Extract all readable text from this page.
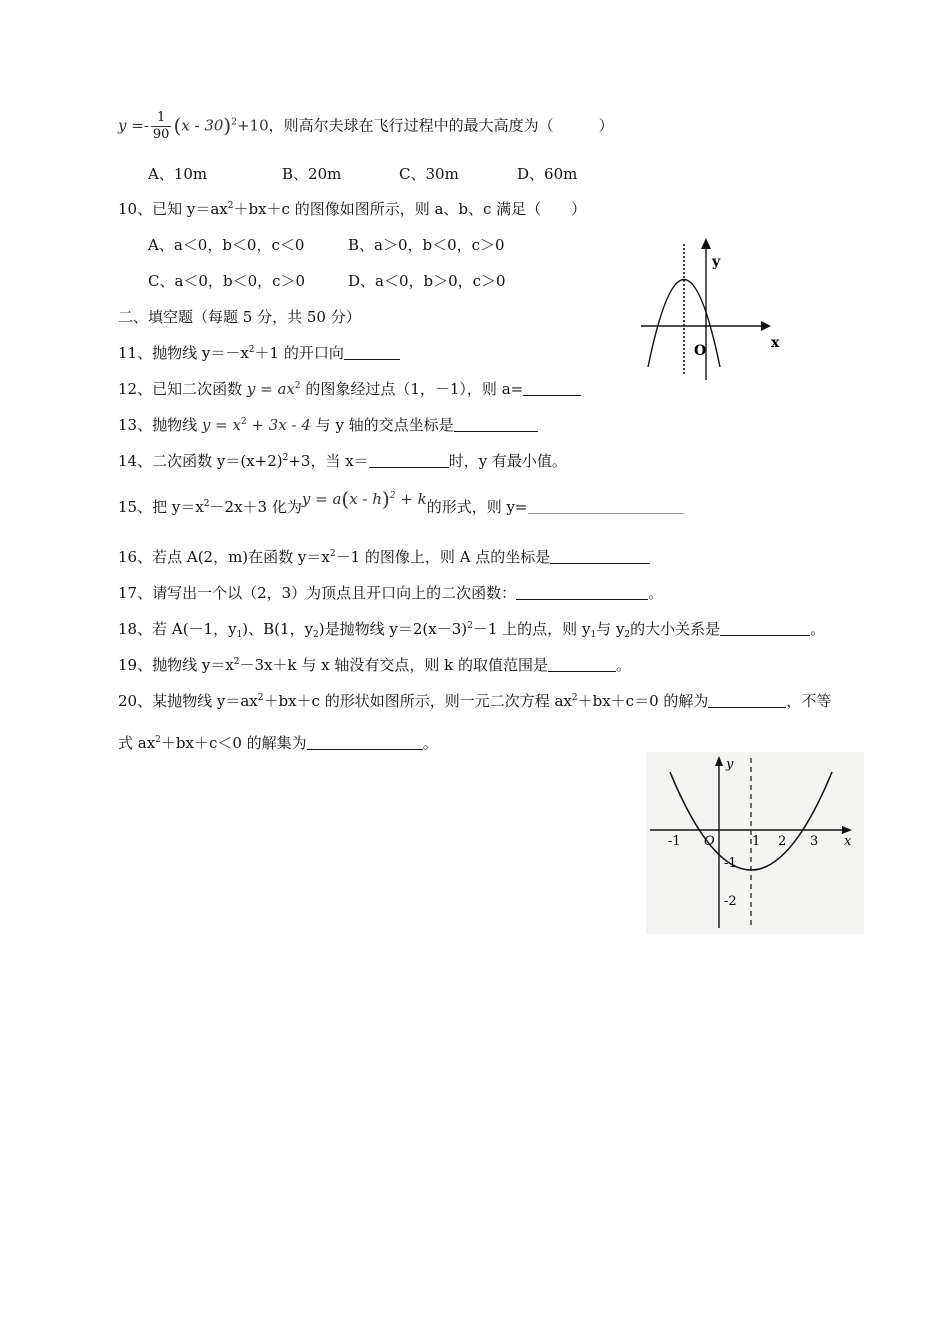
$y =- \frac{1}{90} (x - 30)^2+10$，则高尔夫球在飞行过程中的最大高度为（　　　）
A、10m	B、20m	C、30m	D、60m
10、已知 $y=ax^2+bx+c$ 的图像如图所示，则 a、b、c 满足（　　）
A、a＜0，b＜0，c＜0	B、a＞0，b＜0，c＞0
C、a＜0，b＜0，c＞0	D、a＜0，b＞0，c＞0
y
x
O
二、填空题（每题 5 分，共 50 分）
11、抛物线 $y=-x^2+1$ 的开口向
12、已知二次函数 $y = ax^2$ 的图象经过点（1，－1），则 a=
13、抛物线 $y = x^2 + 3x - 4$ 与 y 轴的交点坐标是
14、二次函数 $y=(x+2)^2+3$，当 x＝	时，y 有最小值。
15、把 $y=x^2-2x+3$ 化为y = a(x - h)$^2$ + k的形式，则 y=
16、若点 A(2，m)在函数 $y=x^2-1$ 的图像上，则 A 点的坐标是
17、请写出一个以（2，3）为顶点且开口向上的二次函数：	。
18、若 A(－1，$y_1$)、B(1，$y_2$)是抛物线 $y=2(x-3)^2-1$ 上的点，则 $y_1$与 $y_2$的大小关系是	。
19、抛物线 $y=x^2-3x+k$ 与 x 轴没有交点，则 k 的取值范围是	。
20、某抛物线 $y=ax^2+bx+c$ 的形状如图所示，则一元二次方程 $ax^2+bx+c=0$ 的解为	，不等
式 $ax^2+bx+c<0$ 的解集为	。
y
x
O
-1	1 2 3
-1
-2
